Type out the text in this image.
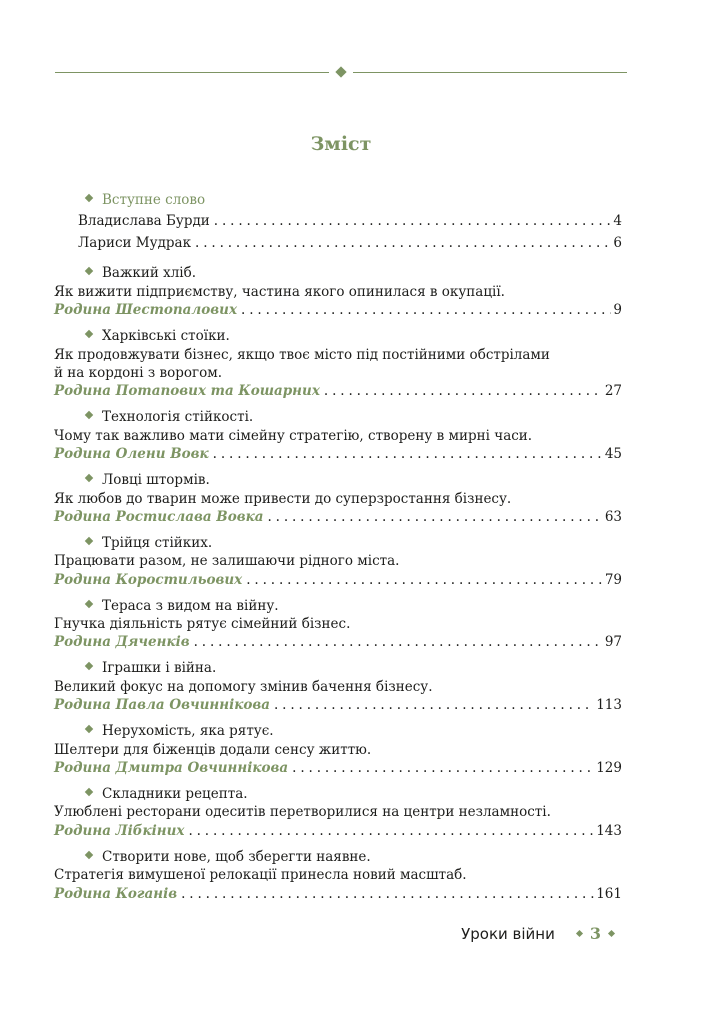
Зміст
Вступне слово
Владислава Бурди . . .	4
Лариси Мудрак . . .	6
Важкий хліб.
Як вижити підприємству, частина якого опинилася в окупації.
Родина Шестопалових . . .	9
Харківські стоїки.
Як продовжувати бізнес, якщо твоє місто під постійними обстрілами
й на кордоні з ворогом.
Родина Потапових та Кошарних . . .	27
Технологія стійкості.
Чому так важливо мати сімейну стратегію, створену в мирні часи.
Родина Олени Вовк . . .	45
Ловці штормів.
Як любов до тварин може привести до суперзростання бізнесу.
Родина Ростислава Вовка . . .	63
Трійця стійких.
Працювати разом, не залишаючи рідного міста.
Родина Коростильових . . .	79
Тераса з видом на війну.
Гнучка діяльність рятує сімейний бізнес.
Родина Дяченків . . .	97
Іграшки і війна.
Великий фокус на допомогу змінив бачення бізнесу.
Родина Павла Овчиннікова . . .	113
Нерухомість, яка рятує.
Шелтери для біженців додали сенсу життю.
Родина Дмитра Овчиннікова . . .	129
Складники рецепта.
Улюблені ресторани одеситів перетворилися на центри незламності.
Родина Лібкіних . . .	143
Створити нове, щоб зберегти наявне.
Стратегія вимушеної релокації принесла новий масштаб.
Родина Коганів . . .	161
Уроки війни 3
